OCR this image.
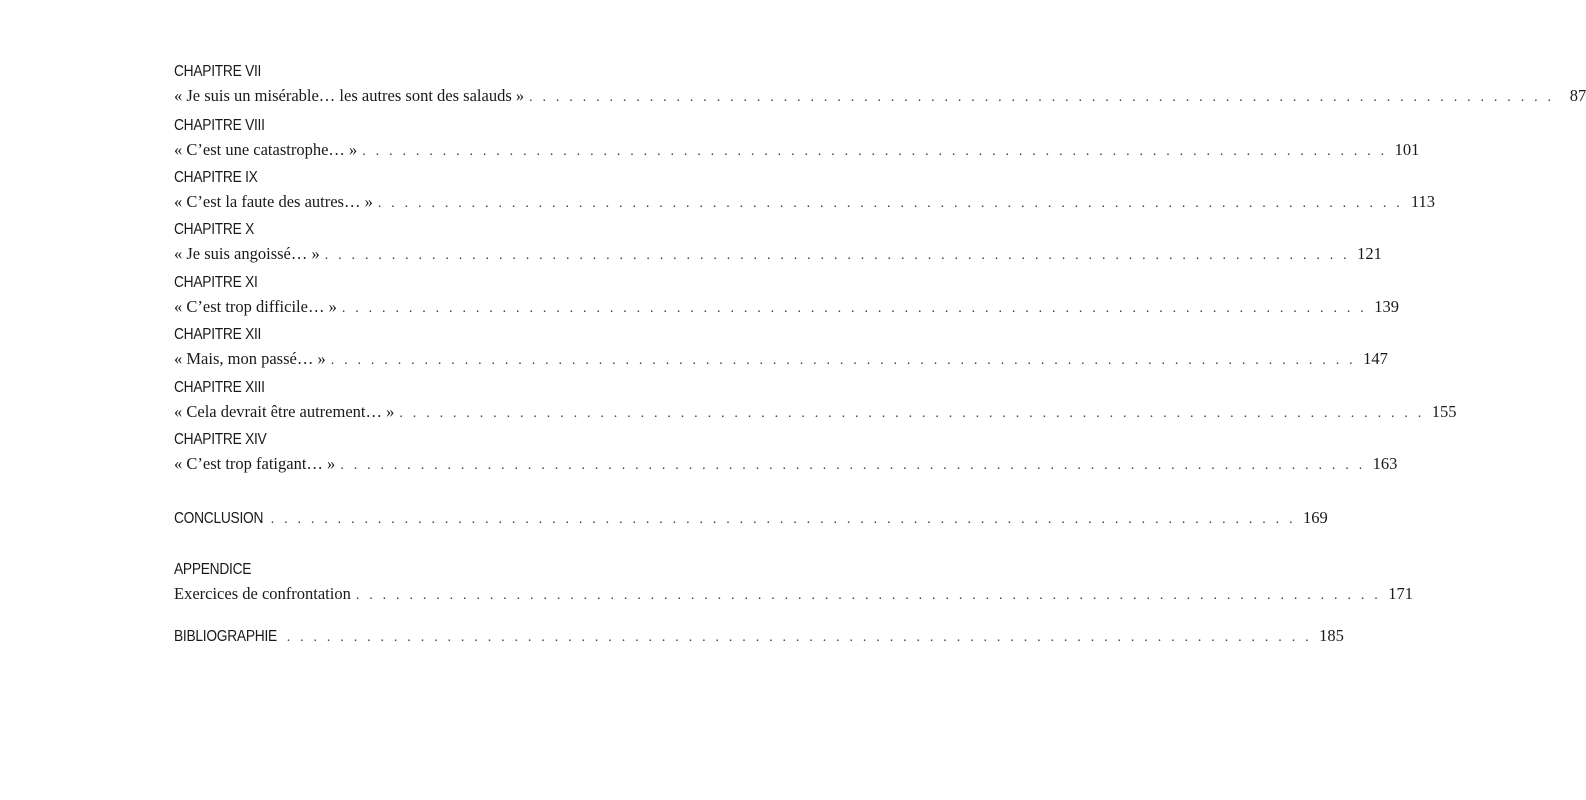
CHAPITRE VII
« Je suis un misérable… les autres sont des salauds » . . . . . . . . . . . . . . . . . . . . . . . . . . . . . . . . . . . . . . . . . . . . . . . . . . . . . . . . . . . . . . . . . . . . . . . . . . . . . 87
CHAPITRE VIII
« C’est une catastrophe… » . . . . . . . . . . . . . . . . . . . . . . . . . . . . . . . . . . . . . . . . . . . . . . . . . . . . . . . . . . . . . . . . . . . . . . . . . . . . . 101
CHAPITRE IX
« C’est la faute des autres… » . . . . . . . . . . . . . . . . . . . . . . . . . . . . . . . . . . . . . . . . . . . . . . . . . . . . . . . . . . . . . . . . . . . . . . . . . . . . . 113
CHAPITRE X
« Je suis angoissé… » . . . . . . . . . . . . . . . . . . . . . . . . . . . . . . . . . . . . . . . . . . . . . . . . . . . . . . . . . . . . . . . . . . . . . . . . . . . . . 121
CHAPITRE XI
« C’est trop difficile… » . . . . . . . . . . . . . . . . . . . . . . . . . . . . . . . . . . . . . . . . . . . . . . . . . . . . . . . . . . . . . . . . . . . . . . . . . . . . . 139
CHAPITRE XII
« Mais, mon passé… » . . . . . . . . . . . . . . . . . . . . . . . . . . . . . . . . . . . . . . . . . . . . . . . . . . . . . . . . . . . . . . . . . . . . . . . . . . . . . 147
CHAPITRE XIII
« Cela devrait être autrement… » . . . . . . . . . . . . . . . . . . . . . . . . . . . . . . . . . . . . . . . . . . . . . . . . . . . . . . . . . . . . . . . . . . . . . . . . . . . . . 155
CHAPITRE XIV
« C’est trop fatigant… » . . . . . . . . . . . . . . . . . . . . . . . . . . . . . . . . . . . . . . . . . . . . . . . . . . . . . . . . . . . . . . . . . . . . . . . . . . . . . 163
CONCLUSION . . . . . . . . . . . . . . . . . . . . . . . . . . . . . . . . . . . . . . . . . . . . . . . . . . . . . . . . . . . . . . . . . . . . . . . . . . . . . 169
APPENDICE
Exercices de confrontation . . . . . . . . . . . . . . . . . . . . . . . . . . . . . . . . . . . . . . . . . . . . . . . . . . . . . . . . . . . . . . . . . . . . . . . . . . . . . 171
BIBLIOGRAPHIE . . . . . . . . . . . . . . . . . . . . . . . . . . . . . . . . . . . . . . . . . . . . . . . . . . . . . . . . . . . . . . . . . . . . . . . . . . . . . 185
